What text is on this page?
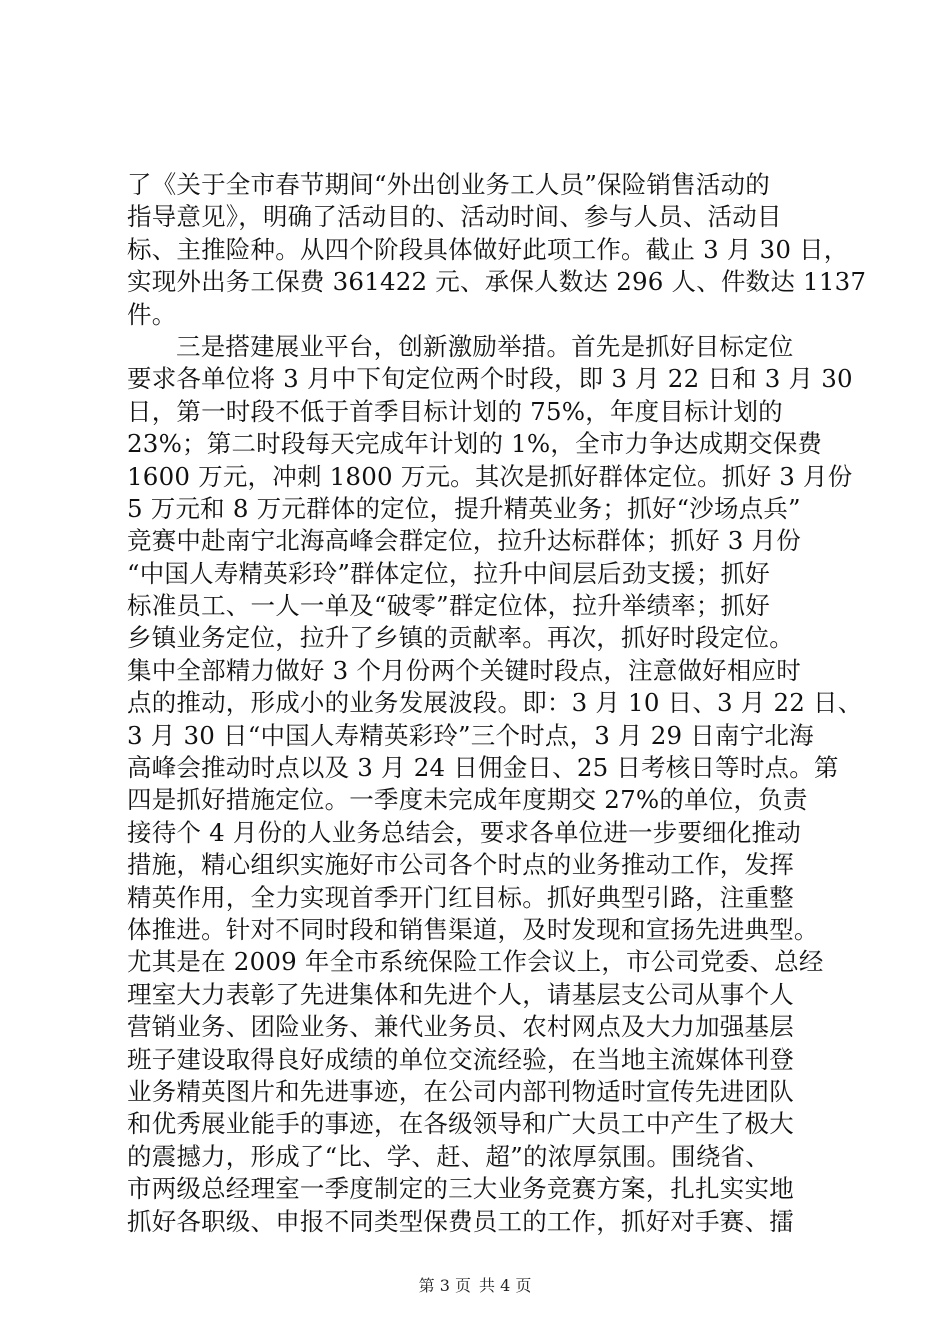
了《关于全市春节期间“外出创业务工人员”保险销售活动的
指导意见》，明确了活动目的、活动时间、参与人员、活动目
标、主推险种。从四个阶段具体做好此项工作。截止 3 月 30 日，
实现外出务工保费 361422 元、承保人数达 296 人、件数达 1137
件。
三是搭建展业平台，创新激励举措。首先是抓好目标定位
要求各单位将 3 月中下旬定位两个时段，即 3 月 22 日和 3 月 30
日，第一时段不低于首季目标计划的 75%，年度目标计划的
23%；第二时段每天完成年计划的 1%，全市力争达成期交保费
1600 万元，冲刺 1800 万元。其次是抓好群体定位。抓好 3 月份
5 万元和 8 万元群体的定位，提升精英业务；抓好“沙场点兵”
竞赛中赴南宁北海高峰会群定位，拉升达标群体；抓好 3 月份
“中国人寿精英彩玲”群体定位，拉升中间层后劲支援；抓好
标准员工、一人一单及“破零”群定位体，拉升举绩率；抓好
乡镇业务定位，拉升了乡镇的贡献率。再次，抓好时段定位。
集中全部精力做好 3 个月份两个关键时段点，注意做好相应时
点的推动，形成小的业务发展波段。即：3 月 10 日、3 月 22 日、
3 月 30 日“中国人寿精英彩玲”三个时点，3 月 29 日南宁北海
高峰会推动时点以及 3 月 24 日佣金日、25 日考核日等时点。第
四是抓好措施定位。一季度未完成年度期交 27%的单位，负责
接待个 4 月份的人业务总结会，要求各单位进一步要细化推动
措施，精心组织实施好市公司各个时点的业务推动工作，发挥
精英作用，全力实现首季开门红目标。抓好典型引路，注重整
体推进。针对不同时段和销售渠道，及时发现和宣扬先进典型。
尤其是在 2009 年全市系统保险工作会议上，市公司党委、总经
理室大力表彰了先进集体和先进个人，请基层支公司从事个人
营销业务、团险业务、兼代业务员、农村网点及大力加强基层
班子建设取得良好成绩的单位交流经验，在当地主流媒体刊登
业务精英图片和先进事迹，在公司内部刊物适时宣传先进团队
和优秀展业能手的事迹，在各级领导和广大员工中产生了极大
的震撼力，形成了“比、学、赶、超”的浓厚氛围。围绕省、
市两级总经理室一季度制定的三大业务竞赛方案，扎扎实实地
抓好各职级、申报不同类型保费员工的工作，抓好对手赛、擂
第 3 页 共 4 页
